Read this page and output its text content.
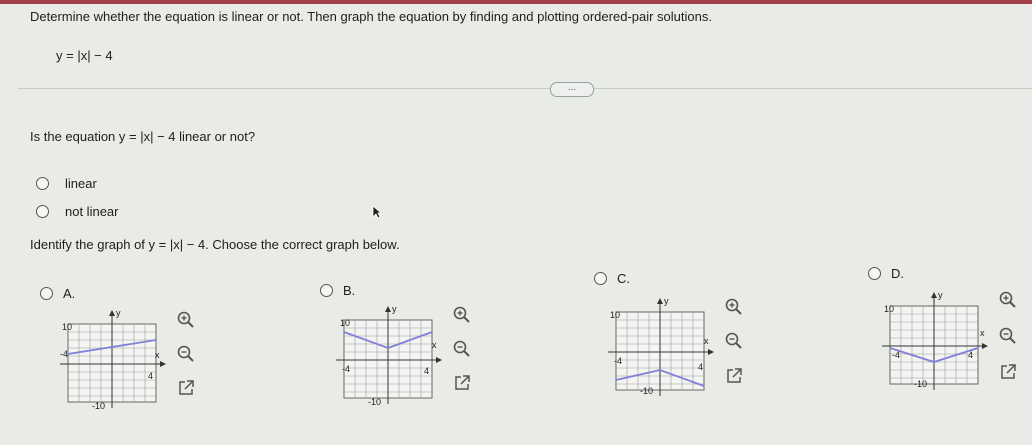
Determine whether the equation is linear or not. Then graph the equation by finding and plotting ordered-pair solutions.
y = |x| − 4
...
Is the equation y = |x| − 4 linear or not?
linear
not linear
Identify the graph of y = |x| − 4. Choose the correct graph below.
A.
y
10
x
-4
4
-10
B.
y
10
x
-4	4
-10
C.
y
10
x
-4
4
-10
D.
y
10
x
-4	4
-10
